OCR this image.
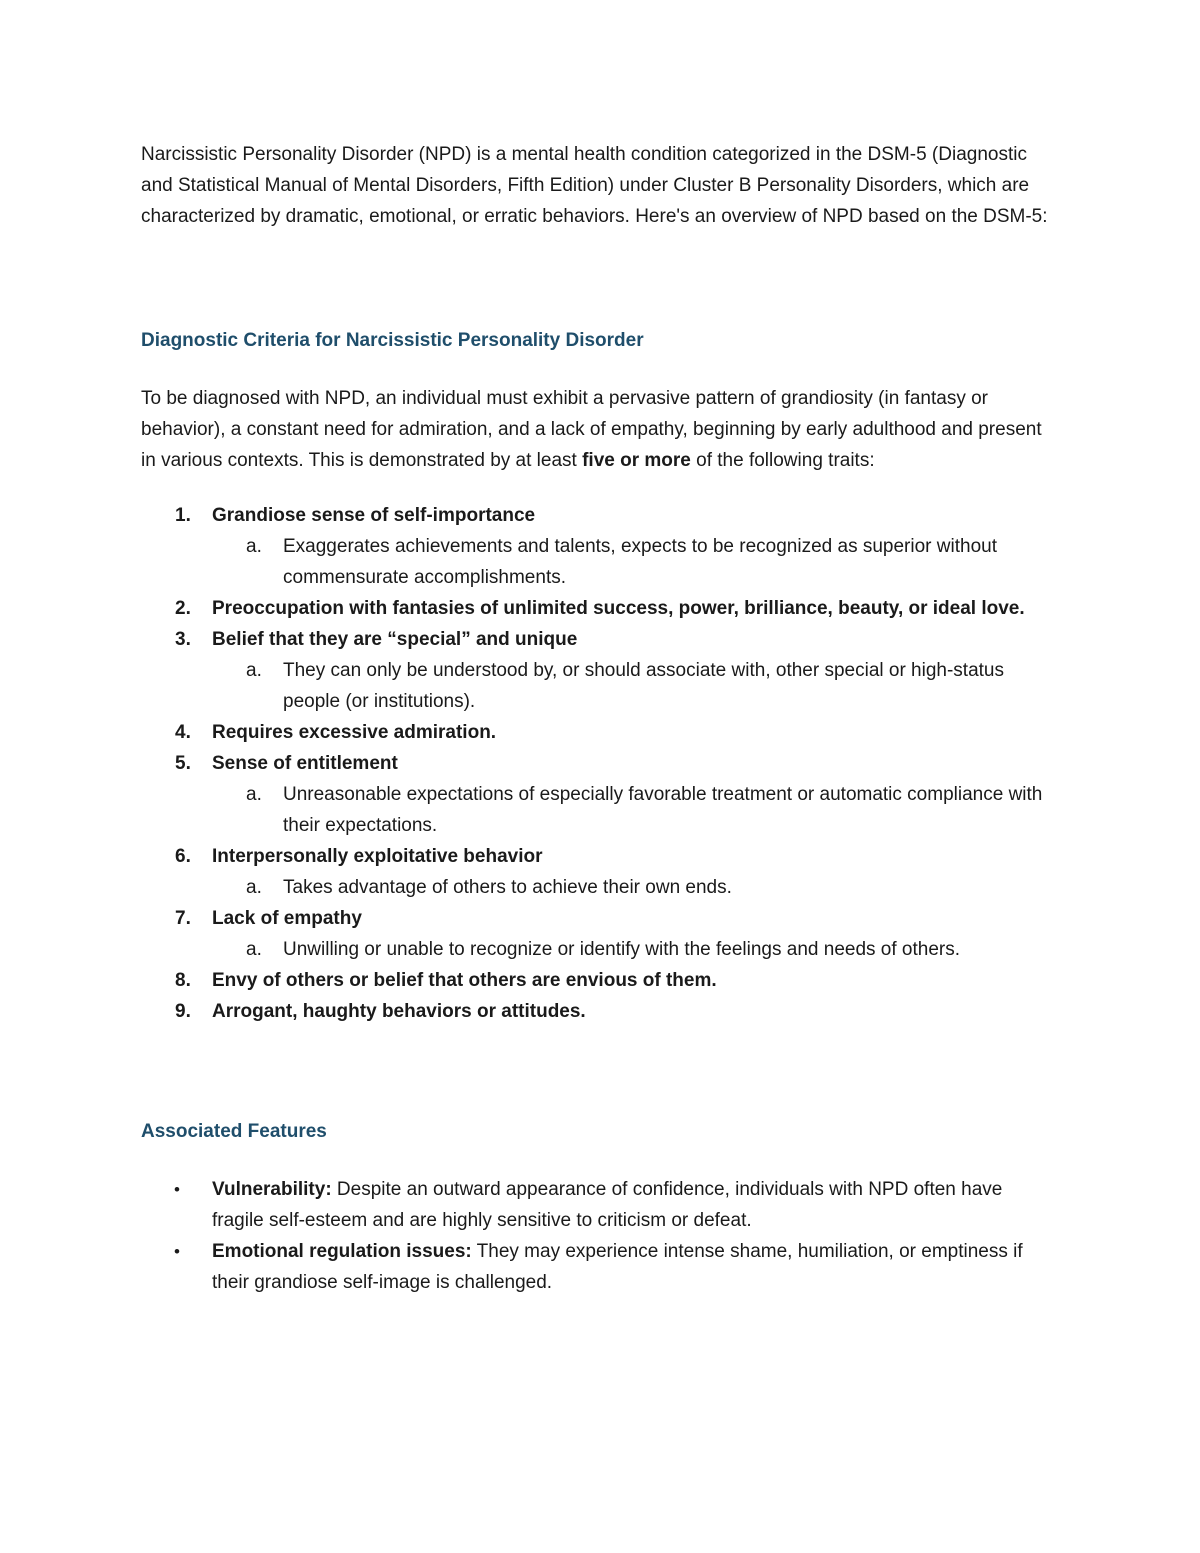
Narcissistic Personality Disorder (NPD) is a mental health condition categorized in the DSM-5 (Diagnostic and Statistical Manual of Mental Disorders, Fifth Edition) under Cluster B Personality Disorders, which are characterized by dramatic, emotional, or erratic behaviors. Here's an overview of NPD based on the DSM-5:

Diagnostic Criteria for Narcissistic Personality Disorder

To be diagnosed with NPD, an individual must exhibit a pervasive pattern of grandiosity (in fantasy or behavior), a constant need for admiration, and a lack of empathy, beginning by early adulthood and present in various contexts. This is demonstrated by at least five or more of the following traits:

1. Grandiose sense of self-importance
a. Exaggerates achievements and talents, expects to be recognized as superior without commensurate accomplishments.
2. Preoccupation with fantasies of unlimited success, power, brilliance, beauty, or ideal love.
3. Belief that they are “special” and unique
a. They can only be understood by, or should associate with, other special or high-status people (or institutions).
4. Requires excessive admiration.
5. Sense of entitlement
a. Unreasonable expectations of especially favorable treatment or automatic compliance with their expectations.
6. Interpersonally exploitative behavior
a. Takes advantage of others to achieve their own ends.
7. Lack of empathy
a. Unwilling or unable to recognize or identify with the feelings and needs of others.
8. Envy of others or belief that others are envious of them.
9. Arrogant, haughty behaviors or attitudes.
Associated Features
• Vulnerability: Despite an outward appearance of confidence, individuals with NPD often have fragile self-esteem and are highly sensitive to criticism or defeat.
• Emotional regulation issues: They may experience intense shame, humiliation, or emptiness if their grandiose self-image is challenged.
